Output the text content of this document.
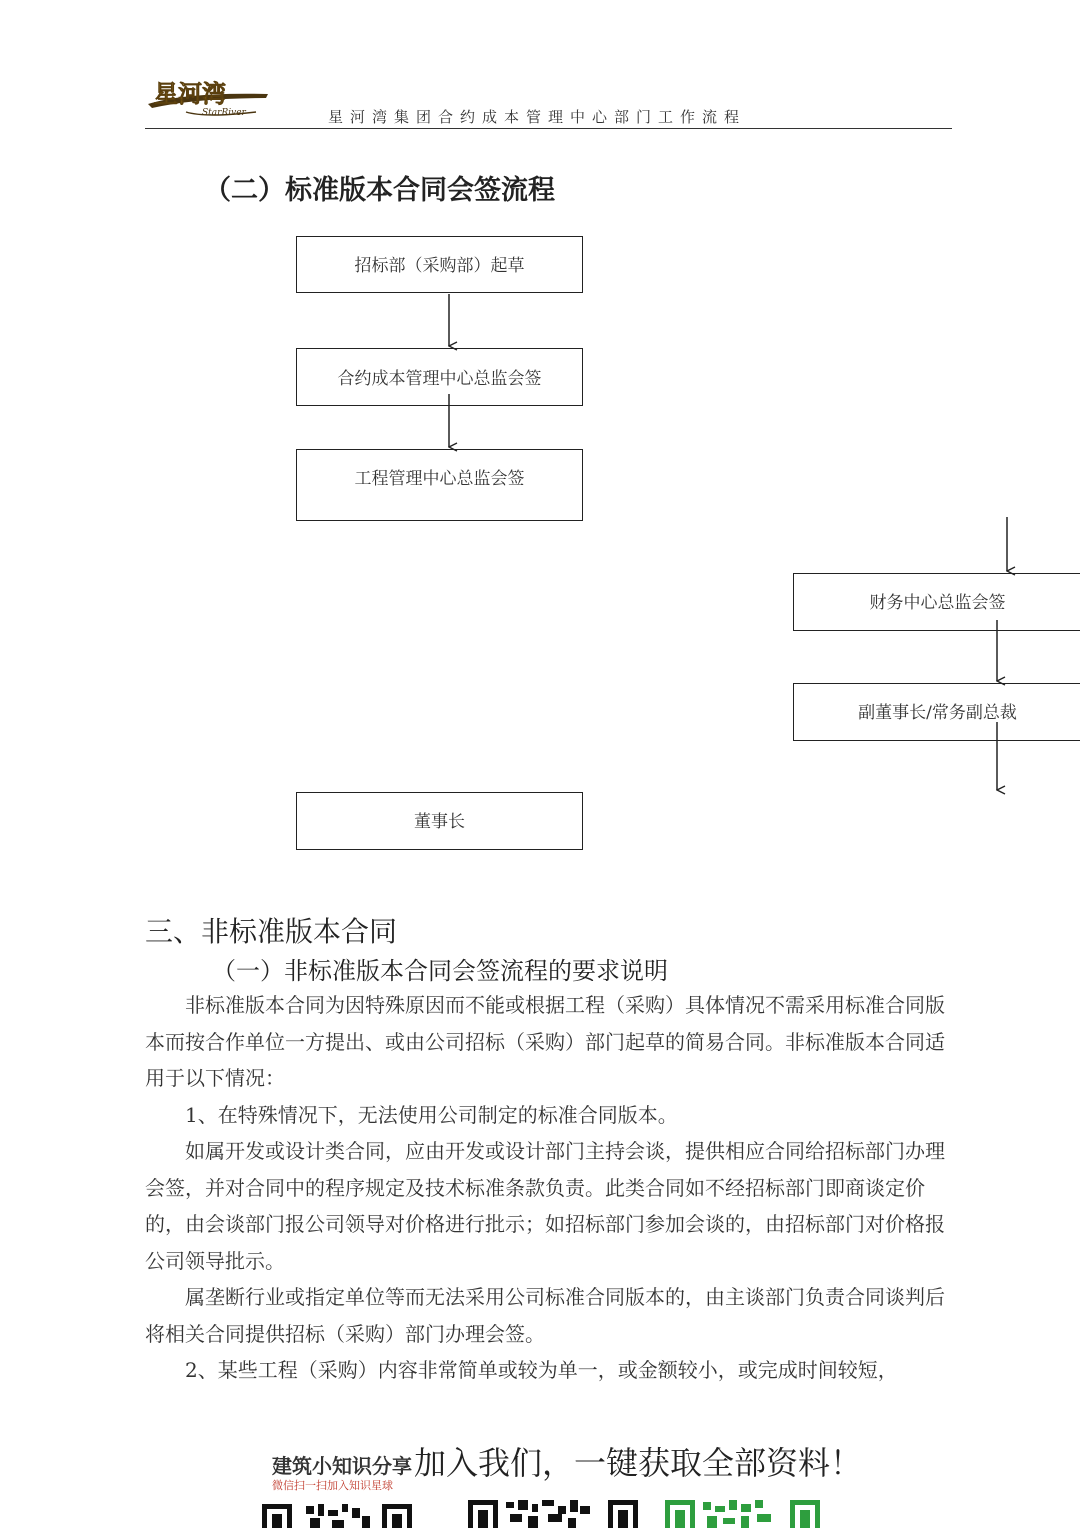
星河湾
StarRiver	星河湾集团合约成本管理中心部门工作流程
（二）标准版本合同会签流程
招标部（采购部）起草
合约成本管理中心总监会签
工程管理中心总监会签
财务中心总监会签
副董事长/常务副总裁
董事长
三、非标准版本合同
（一）非标准版本合同会签流程的要求说明

非标准版本合同为因特殊原因而不能或根据工程（采购）具体情况不需采用标准合同版本而按合作单位一方提出、或由公司招标（采购）部门起草的简易合同。非标准版本合同适用于以下情况：

1、在特殊情况下，无法使用公司制定的标准合同版本。

如属开发或设计类合同，应由开发或设计部门主持会谈，提供相应合同给招标部门办理会签，并对合同中的程序规定及技术标准条款负责。此类合同如不经招标部门即商谈定价的，由会谈部门报公司领导对价格进行批示；如招标部门参加会谈的，由招标部门对价格报公司领导批示。

属垄断行业或指定单位等而无法采用公司标准合同版本的，由主谈部门负责合同谈判后将相关合同提供招标（采购）部门办理会签。

2、某些工程（采购）内容非常简单或较为单一，或金额较小，或完成时间较短，

建筑小知识分享
微信扫一扫加入知识星球
加入我们，一键获取全部资料！
